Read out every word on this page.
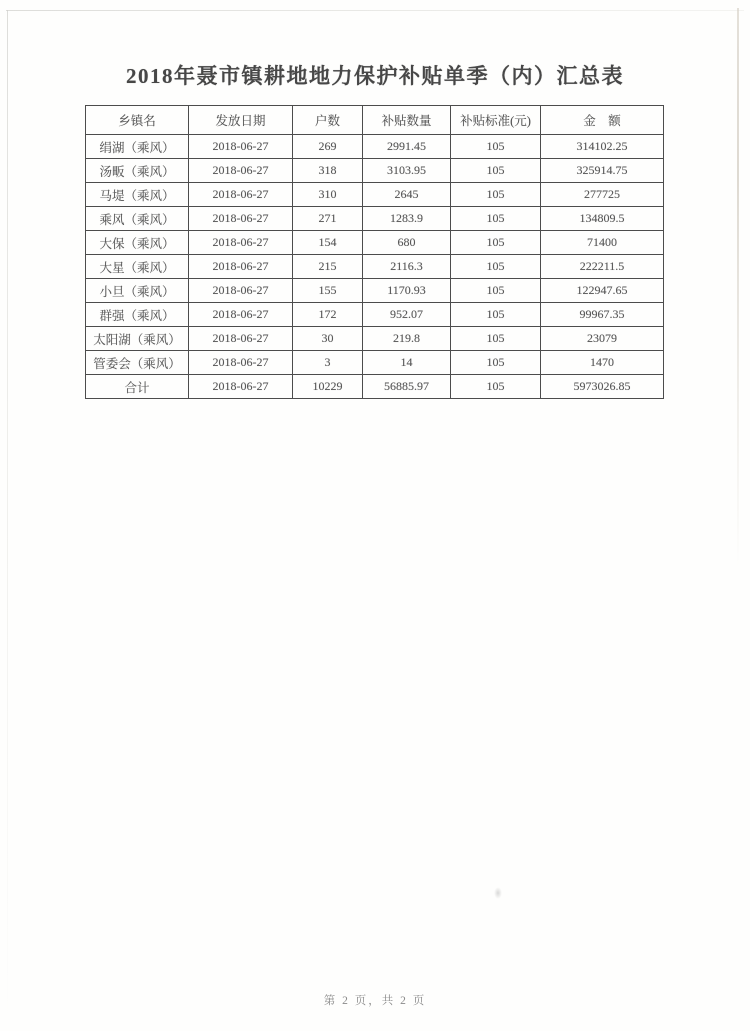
2018年聂市镇耕地地力保护补贴单季（内）汇总表
乡镇名	发放日期	户数	补贴数量	补贴标准(元)	金　额
绢湖（乘风）	2018-06-27	269	2991.45	105	314102.25
汤畈（乘风）	2018-06-27	318	3103.95	105	325914.75
马堤（乘风）	2018-06-27	310	2645	105	277725
乘风（乘风）	2018-06-27	271	1283.9	105	134809.5
大保（乘风）	2018-06-27	154	680	105	71400
大星（乘风）	2018-06-27	215	2116.3	105	222211.5
小旦（乘风）	2018-06-27	155	1170.93	105	122947.65
群强（乘风）	2018-06-27	172	952.07	105	99967.35
太阳湖（乘风）	2018-06-27	30	219.8	105	23079
管委会（乘风）	2018-06-27	3	14	105	1470
合计	2018-06-27	10229	56885.97	105	5973026.85
第 2 页，共 2 页
